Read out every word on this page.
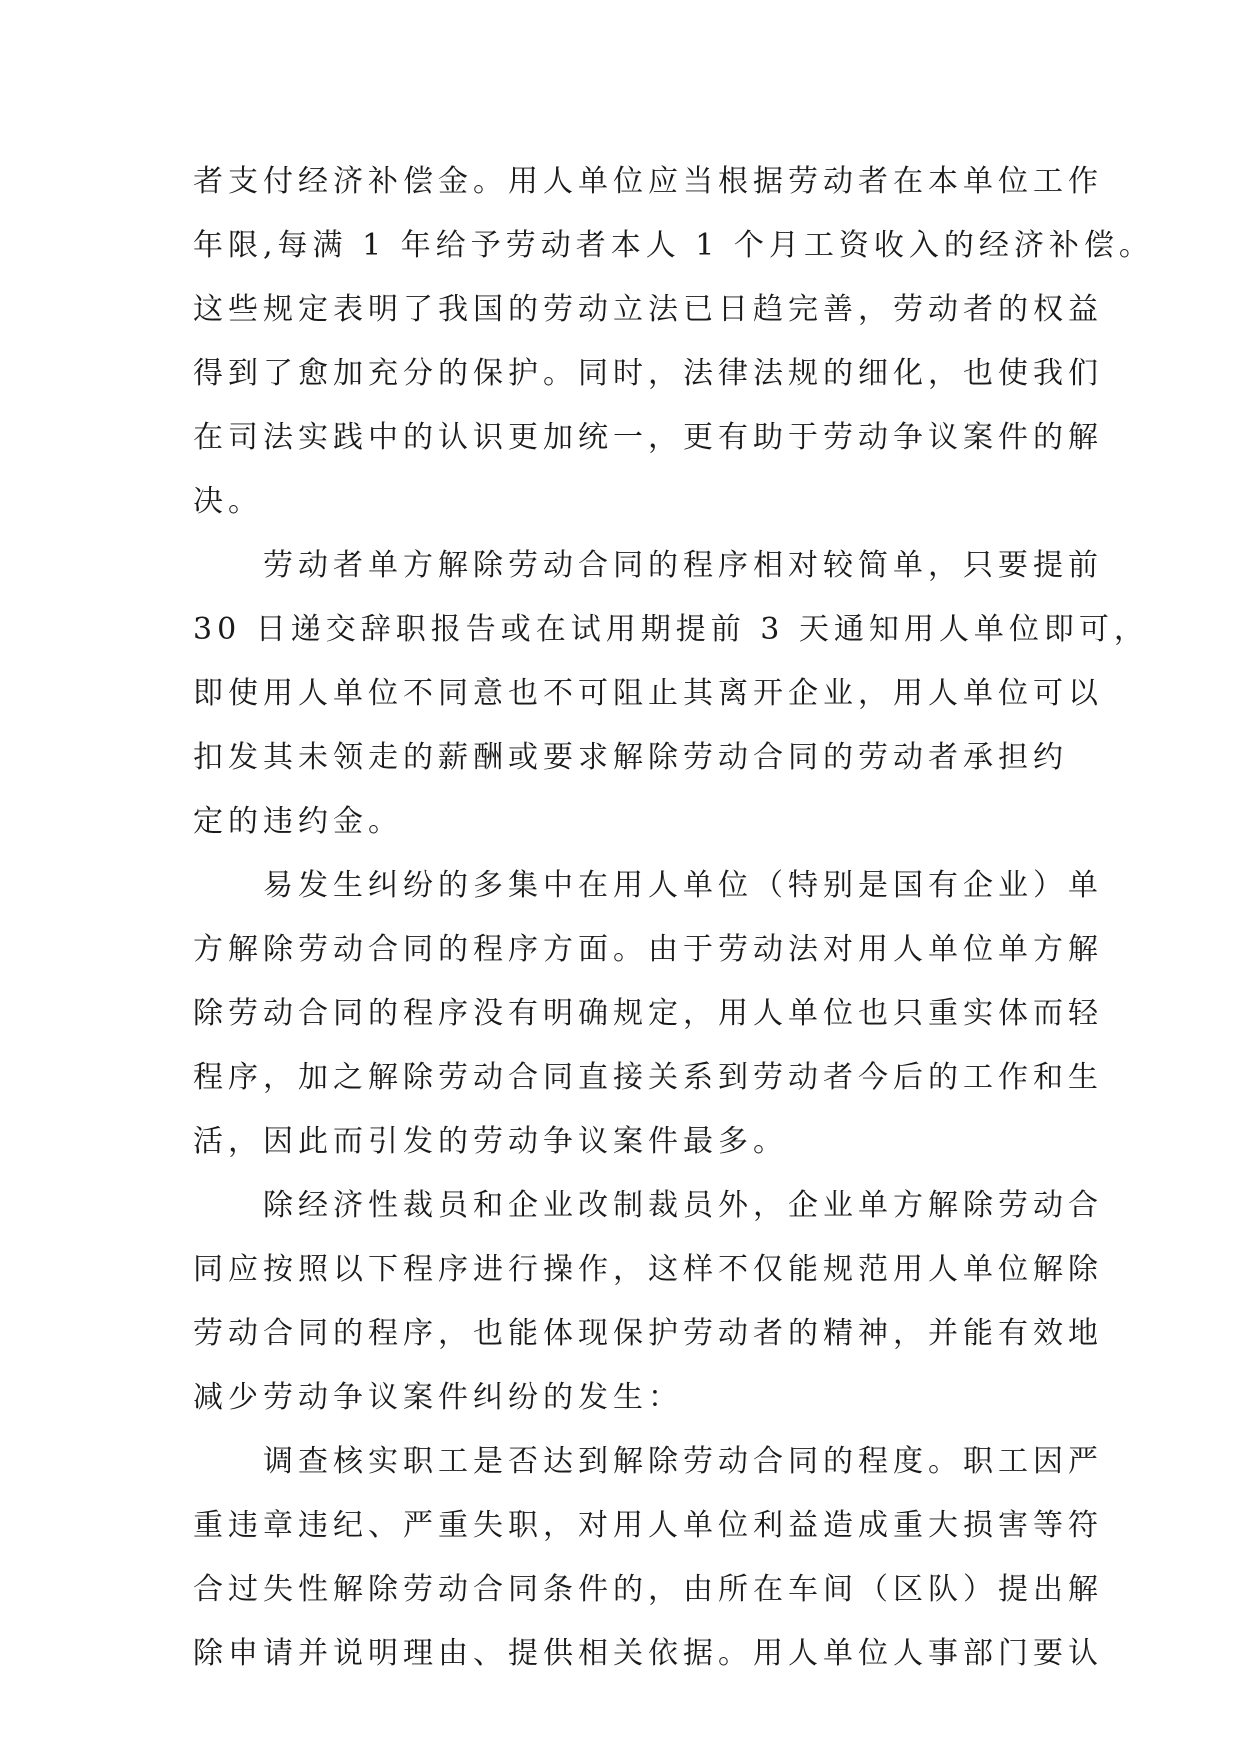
者支付经济补偿金。用人单位应当根据劳动者在本单位工作
年限,每满 1 年给予劳动者本人 1 个月工资收入的经济补偿。
这些规定表明了我国的劳动立法已日趋完善，劳动者的权益
得到了愈加充分的保护。同时，法律法规的细化，也使我们
在司法实践中的认识更加统一，更有助于劳动争议案件的解
决。
　　劳动者单方解除劳动合同的程序相对较简单，只要提前
30 日递交辞职报告或在试用期提前 3 天通知用人单位即可，
即使用人单位不同意也不可阻止其离开企业，用人单位可以
扣发其未领走的薪酬或要求解除劳动合同的劳动者承担约
定的违约金。
　　易发生纠纷的多集中在用人单位（特别是国有企业）单
方解除劳动合同的程序方面。由于劳动法对用人单位单方解
除劳动合同的程序没有明确规定，用人单位也只重实体而轻
程序，加之解除劳动合同直接关系到劳动者今后的工作和生
活，因此而引发的劳动争议案件最多。
　　除经济性裁员和企业改制裁员外，企业单方解除劳动合
同应按照以下程序进行操作，这样不仅能规范用人单位解除
劳动合同的程序，也能体现保护劳动者的精神，并能有效地
减少劳动争议案件纠纷的发生：
　　调查核实职工是否达到解除劳动合同的程度。职工因严
重违章违纪、严重失职，对用人单位利益造成重大损害等符
合过失性解除劳动合同条件的，由所在车间（区队）提出解
除申请并说明理由、提供相关依据。用人单位人事部门要认
